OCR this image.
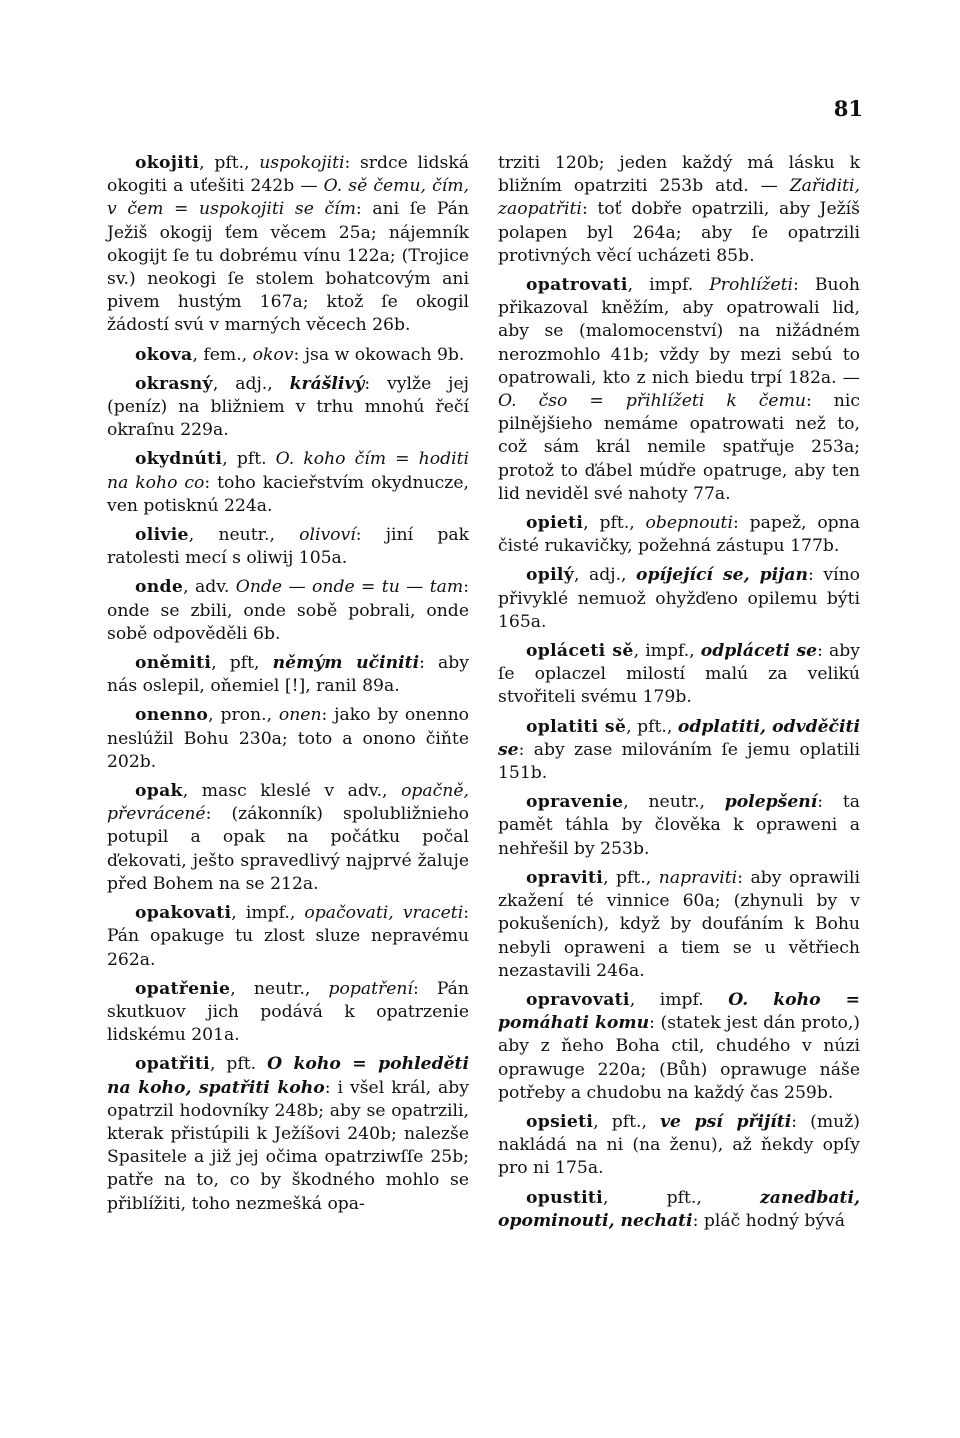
81

okojiti, pft., uspokojiti: srdce lidská okogiti a uťešiti 242b — O. sě čemu, čím, v čem = uspokojiti se čím: ani ſe Pán Ježiš okogij ťem věcem 25a; nájemník okogijt ſe tu dobrému vínu 122a; (Trojice sv.) neokogi ſe stolem bohatcovým ani pivem hustým 167a; ktož ſe okogil žádostí svú v marných věcech 26b.

okova, fem., okov: jsa w okowach 9b.

okrasný, adj., krášlivý: vylže jej (peníz) na bližniem v trhu mnohú řečí okraſnu 229a.

okydnúti, pft. O. koho čím = hoditi na koho co: toho kacieřstvím okydnucze, ven potisknú 224a.

olivie, neutr., olivoví: jiní pak ratolesti mecí s oliwij 105a.

onde, adv. Onde — onde = tu — tam: onde se zbili, onde sobě pobrali, onde sobě odpověděli 6b.

oněmiti, pft, němým učiniti: aby nás oslepil, oňemiel [!], ranil 89a.

onenno, pron., onen: jako by onenno neslúžil Bohu 230a; toto a onono čiňte 202b.

opak, masc kleslé v adv., opačně, převrácené: (zákonník) spolubližnieho potupil a opak na počátku počal ďekovati, ješto spravedlivý najprvé žaluje před Bohem na se 212a.

opakovati, impf., opačovati, vraceti: Pán opakuge tu zlost sluze nepravému 262a.

opatřenie, neutr., popatření: Pán skutkuov jich podává k opatrzenie lidskému 201a.

opatřiti, pft. O koho = pohleděti na koho, spatřiti koho: i všel král, aby opatrzil hodovníky 248b; aby se opatrzili, kterak přistúpili k Ježíšovi 240b; nalezše Spasitele a již jej očima opatrziwſſe 25b; patře na to, co by škodného mohlo se přiblížiti, toho nezmešká opa-

trziti 120b; jeden každý má lásku k bližním opatrziti 253b atd. — Zařiditi, zaopatřiti: toť dobře opatrzili, aby Ježíš polapen byl 264a; aby ſe opatrzili protivných věcí ucházeti 85b.

opatrovati, impf. Prohlížeti: Buoh přikazoval kněžím, aby opatrowali lid, aby se (malomocenství) na nižádném nerozmohlo 41b; vždy by mezi sebú to opatrowali, kto z nich biedu trpí 182a. — O. čso = přihlížeti k čemu: nic pilnějšieho nemáme opatrowati než to, což sám král nemile spatřuje 253a; protož to ďábel múdře opatruge, aby ten lid neviděl své nahoty 77a.

opieti, pft., obepnouti: papež, opna čisté rukavičky, požehná zástupu 177b.

opilý, adj., opíjející se, pijan: víno přivyklé nemuož ohyžďeno opilemu býti 165a.

opláceti sě, impf., odpláceti se: aby ſe oplaczel milostí malú za velikú stvořiteli svému 179b.

oplatiti sě, pft., odplatiti, odvděčiti se: aby zase milováním ſe jemu oplatili 151b.

opravenie, neutr., polepšení: ta pamět táhla by člověka k opraweni a nehřešil by 253b.

opraviti, pft., napraviti: aby oprawili zkažení té vinnice 60a; (zhynuli by v pokušeních), když by doufáním k Bohu nebyli opraweni a tiem se u větřiech nezastavili 246a.

opravovati, impf. O. koho = pomáhati komu: (statek jest dán proto,) aby z ňeho Boha ctil, chudého v núzi oprawuge 220a; (Bůh) oprawuge náše potřeby a chudobu na každý čas 259b.

opsieti, pft., ve psí přijíti: (muž) nakládá na ni (na ženu), až ňekdy opſy pro ni 175a.

opustiti, pft., zanedbati, opominouti, nechati: pláč hodný bývá
